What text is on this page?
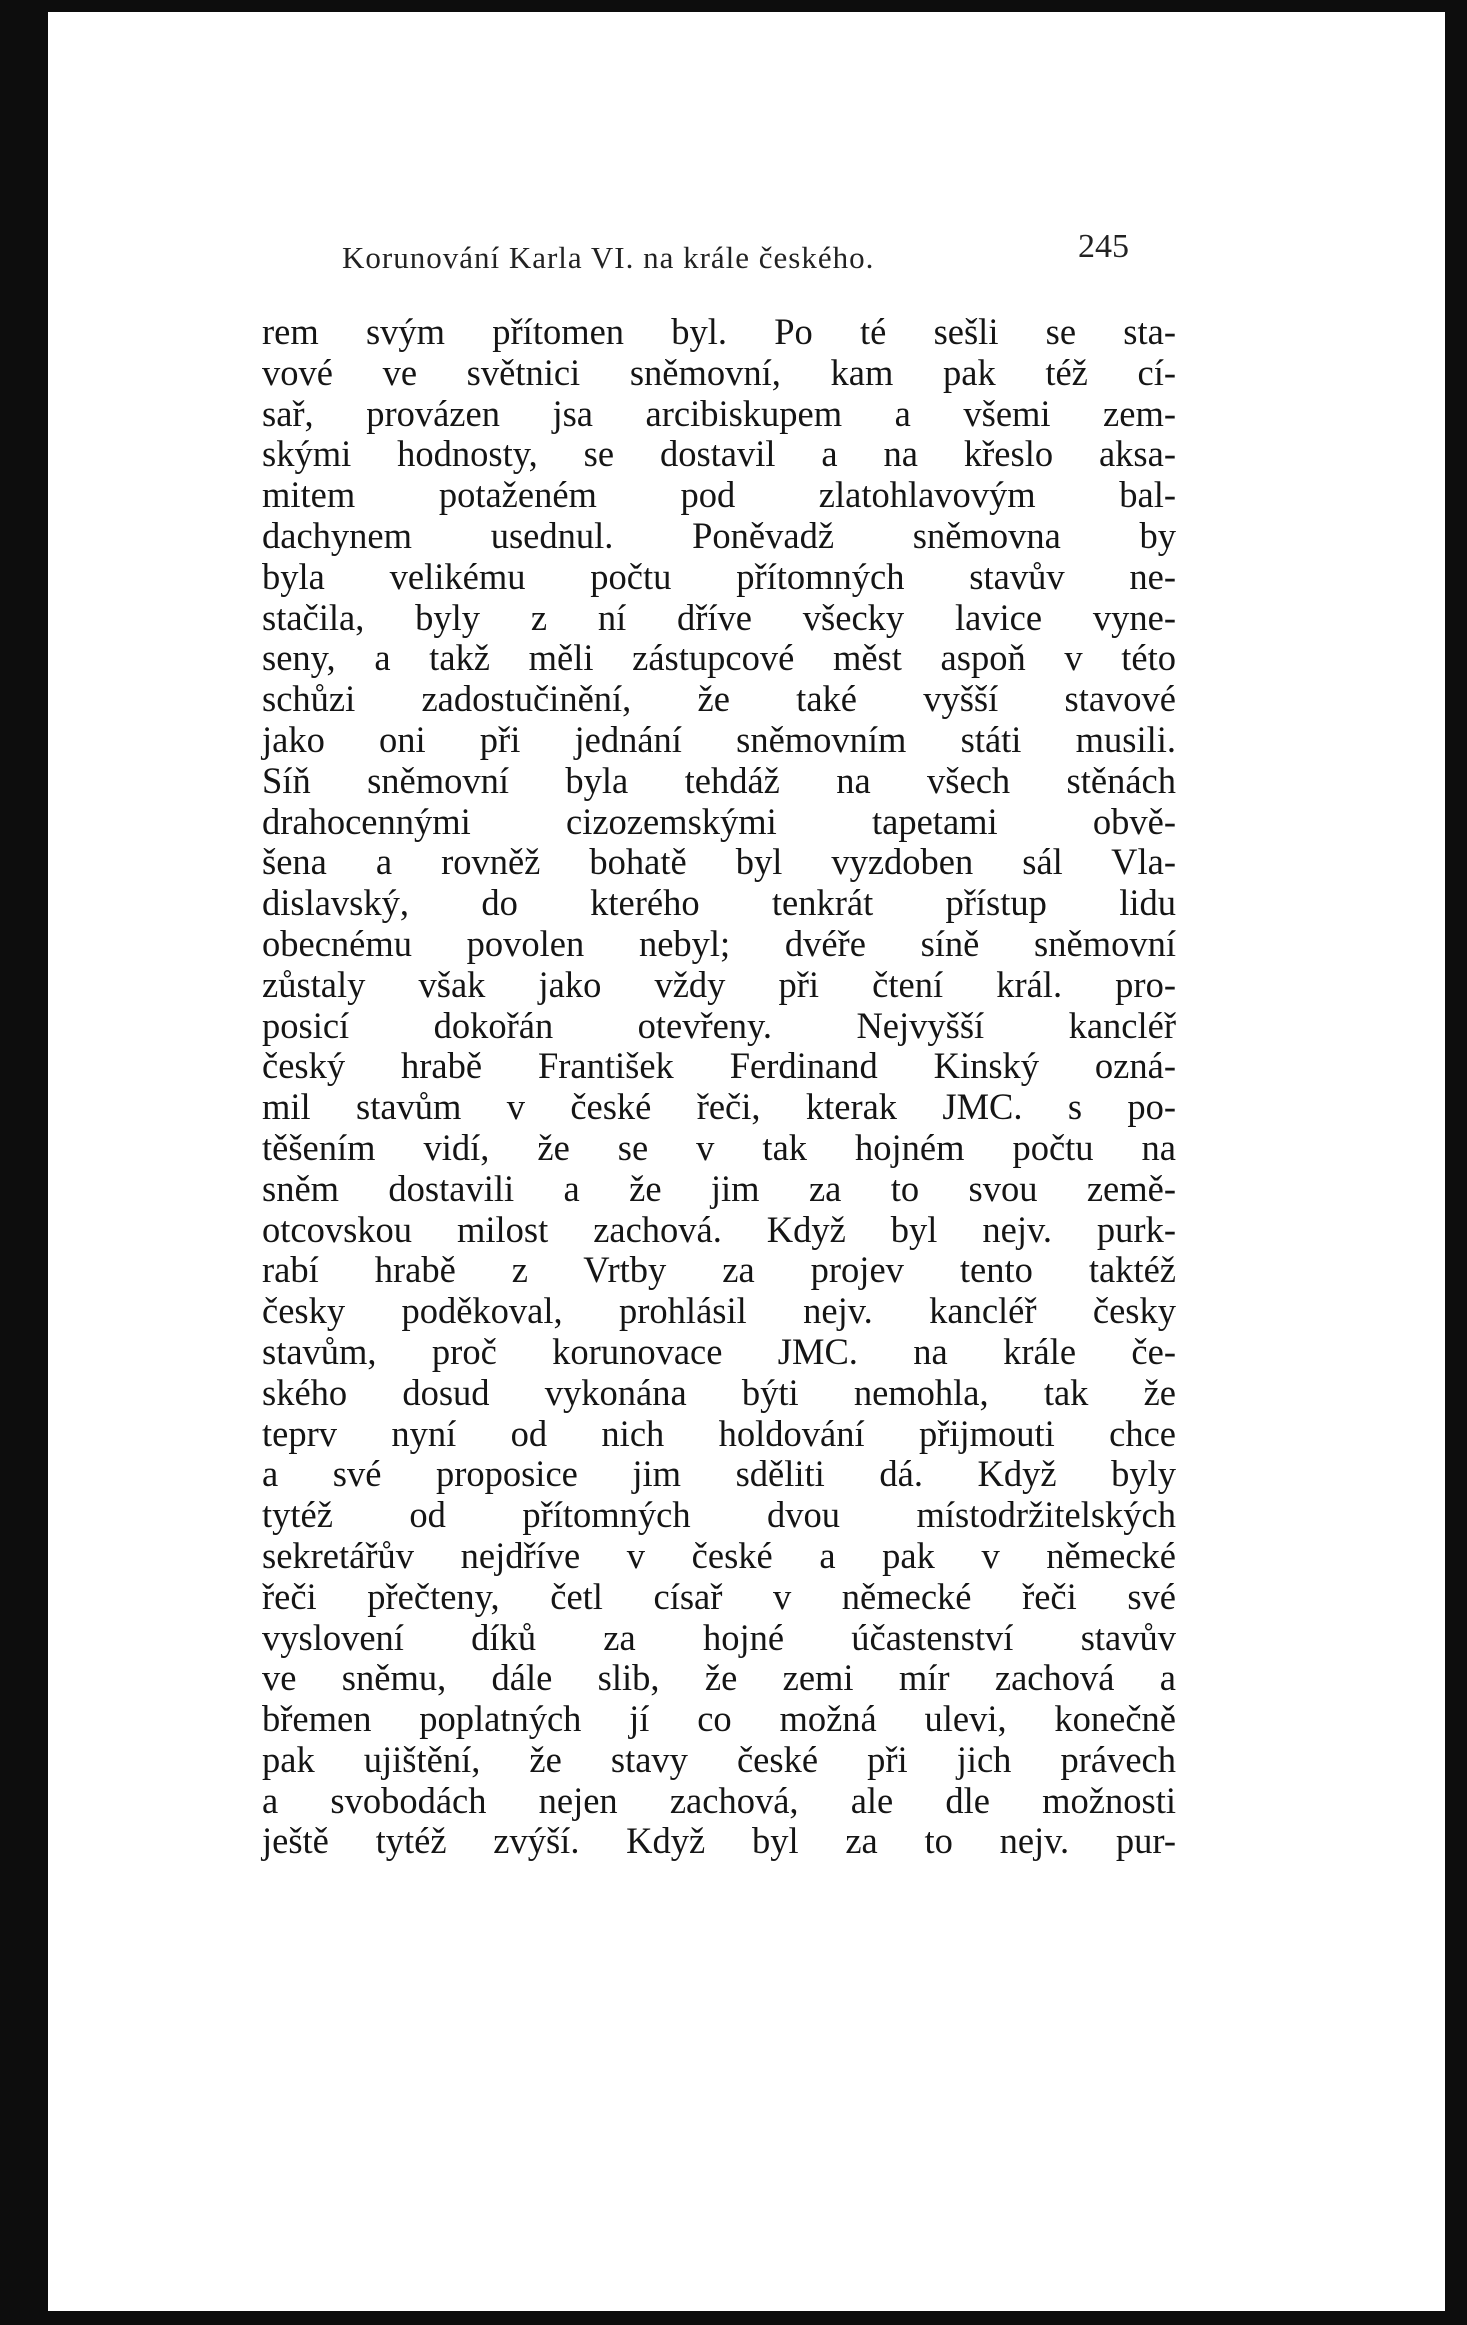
Korunování Karla VI. na krále českého.	245
rem svým přítomen byl. Po té sešli se sta-
vové ve světnici sněmovní, kam pak též cí-
sař, provázen jsa arcibiskupem a všemi zem-
skými hodnosty, se dostavil a na křeslo aksa-
mitem potaženém pod zlatohlavovým bal-
dachynem usednul. Poněvadž sněmovna by
byla velikému počtu přítomných stavův ne-
stačila, byly z ní dříve všecky lavice vyne-
seny, a takž měli zástupcové měst aspoň v této
schůzi zadostučinění, že také vyšší stavové
jako oni při jednání sněmovním státi musili.
Síň sněmovní byla tehdáž na všech stěnách
drahocennými cizozemskými tapetami obvě-
šena a rovněž bohatě byl vyzdoben sál Vla-
dislavský, do kterého tenkrát přístup lidu
obecnému povolen nebyl; dvéře síně sněmovní
zůstaly však jako vždy při čtení král. pro-
posicí dokořán otevřeny. Nejvyšší kancléř
český hrabě František Ferdinand Kinský ozná-
mil stavům v české řeči, kterak JMC. s po-
těšením vidí, že se v tak hojném počtu na
sněm dostavili a že jim za to svou země-
otcovskou milost zachová. Když byl nejv. purk-
rabí hrabě z Vrtby za projev tento taktéž
česky poděkoval, prohlásil nejv. kancléř česky
stavům, proč korunovace JMC. na krále če-
ského dosud vykonána býti nemohla, tak že
teprv nyní od nich holdování přijmouti chce
a své proposice jim sděliti dá. Když byly
tytéž od přítomných dvou místodržitelských
sekretářův nejdříve v české a pak v německé
řeči přečteny, četl císař v německé řeči své
vyslovení díků za hojné účastenství stavův
ve sněmu, dále slib, že zemi mír zachová a
břemen poplatných jí co možná ulevi, konečně
pak ujištění, že stavy české při jich právech
a svobodách nejen zachová, ale dle možnosti
ještě tytéž zvýší. Když byl za to nejv. pur-
